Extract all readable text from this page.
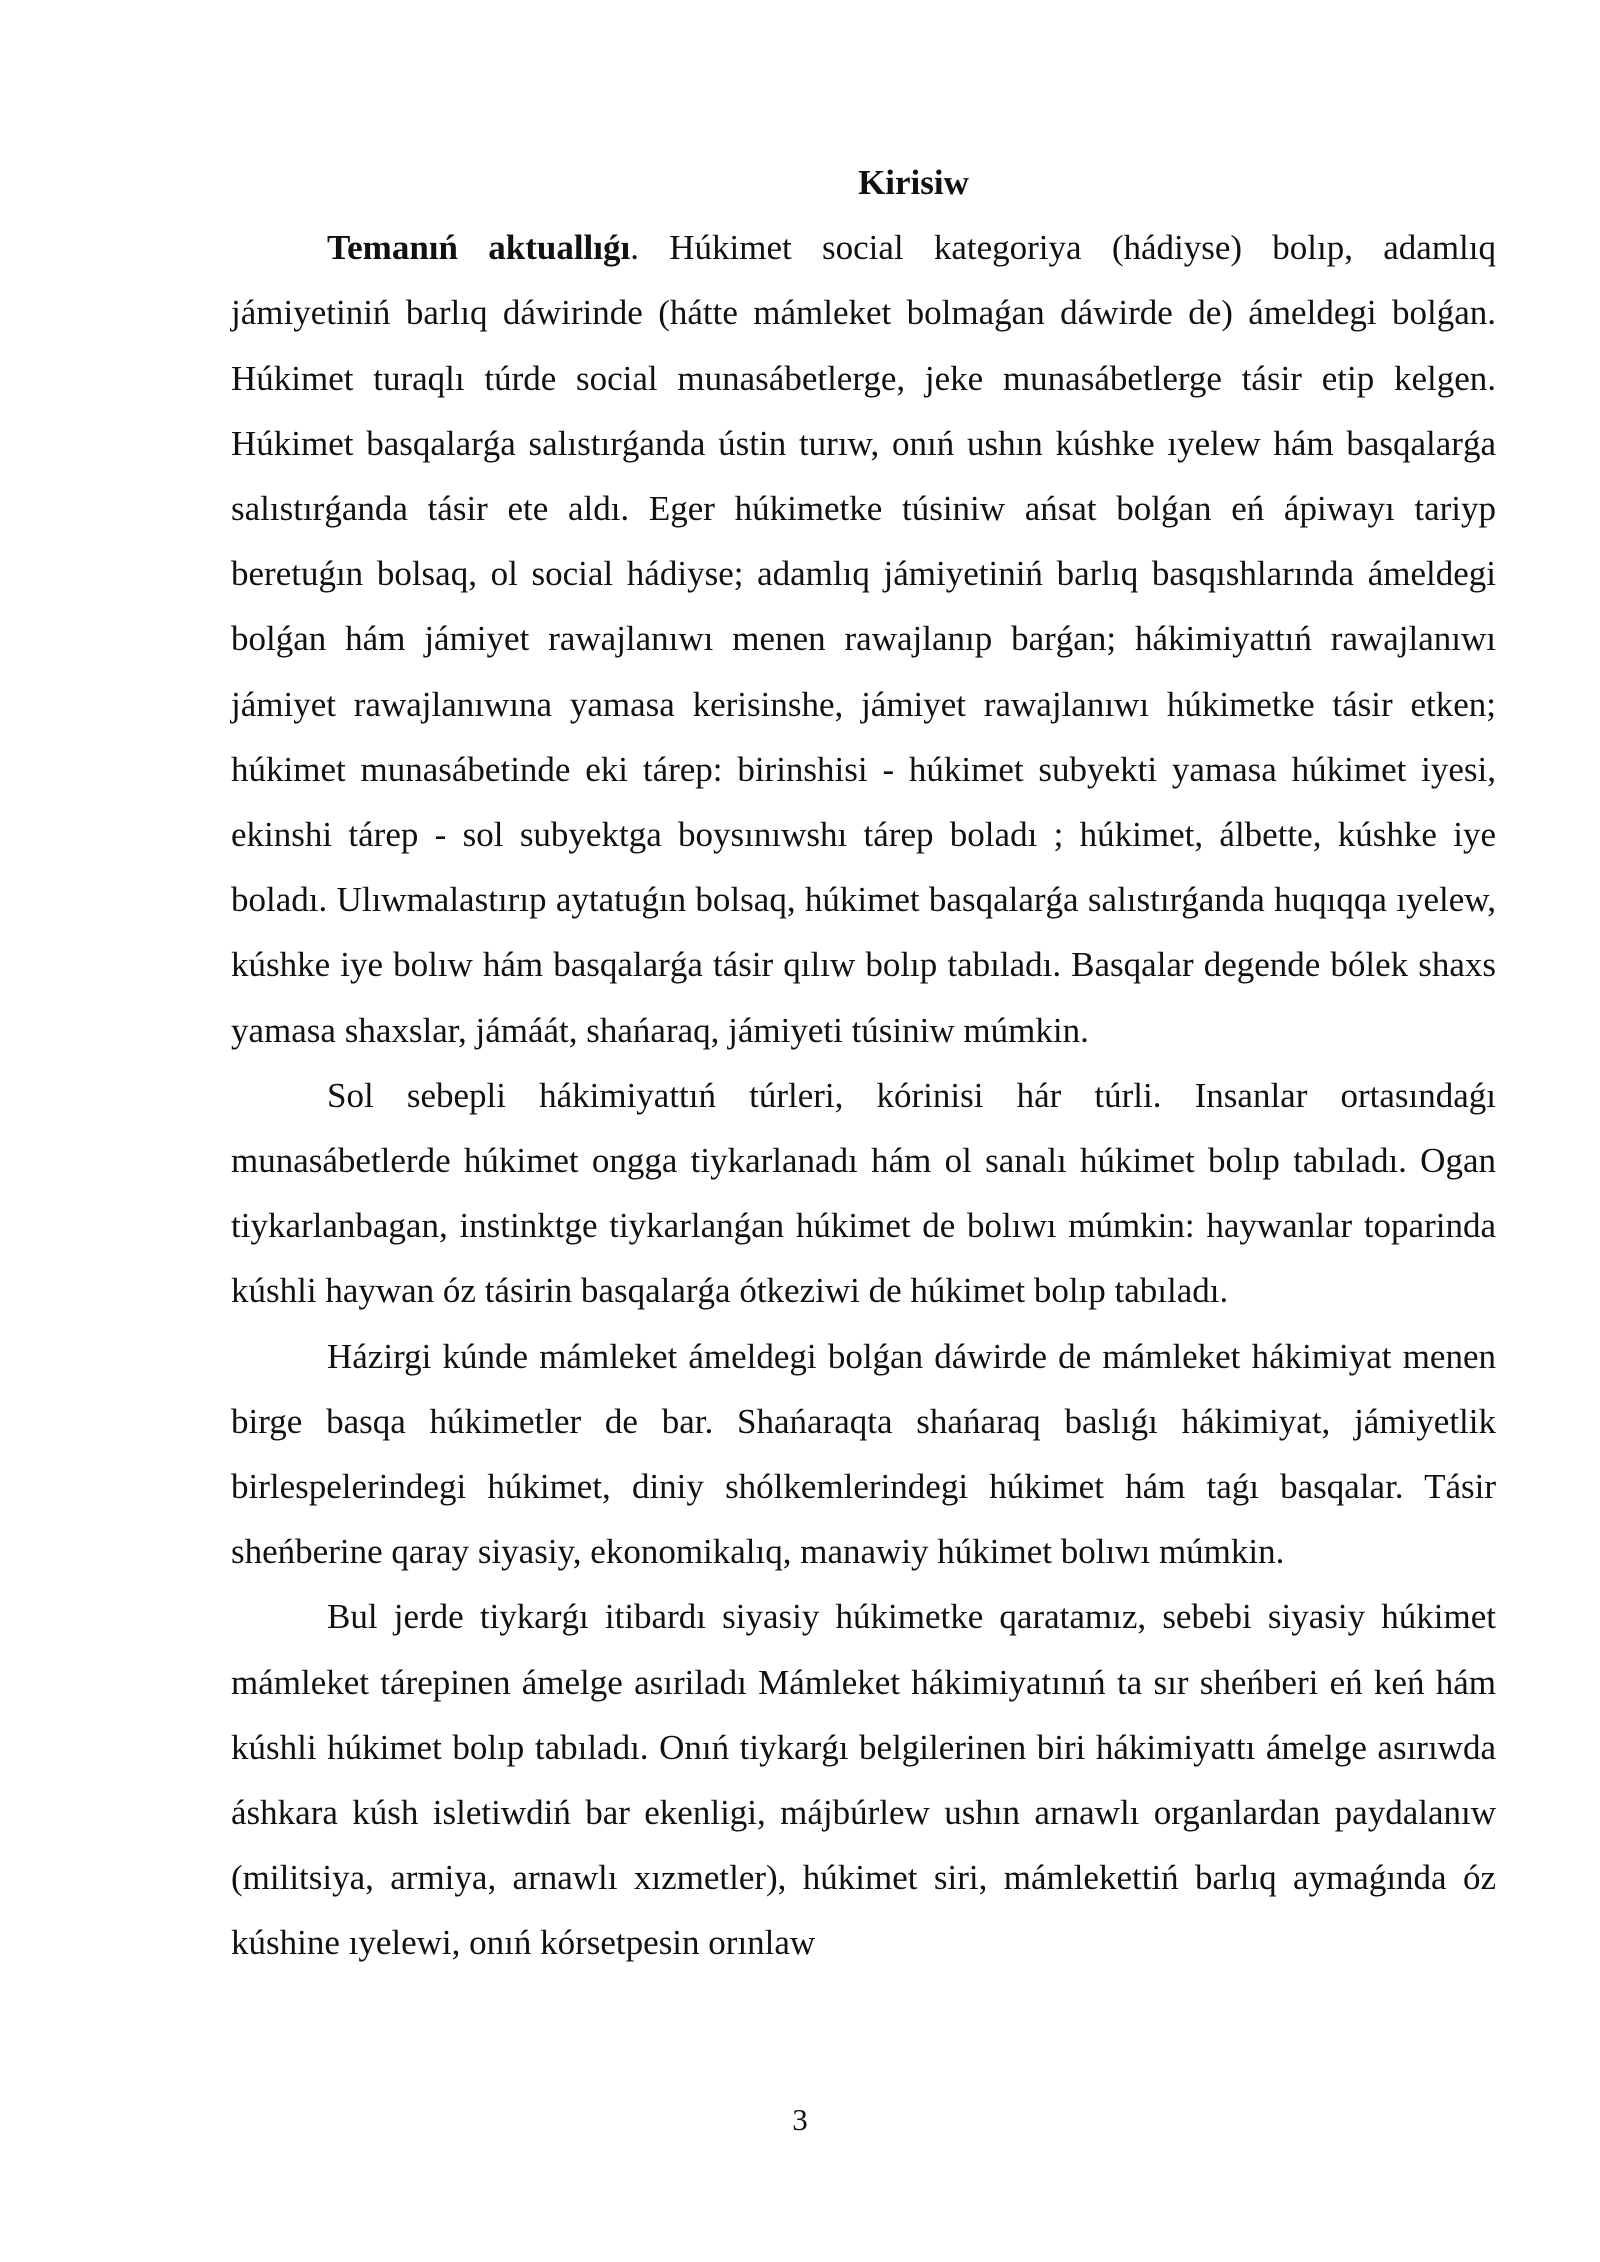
Kirisiw

Temanıń aktuallıǵı. Húkimet social kategoriya (hádiyse) bolıp, adamlıq jámiyetiniń barlıq dáwirinde (hátte mámleket bolmaǵan dáwirde de) ámeldegi bolǵan. Húkimet turaqlı túrde social munasábetlerge, jeke munasábetlerge tásir etip kelgen. Húkimet basqalarǵa salıstırǵanda ústin turıw, onıń ushın kúshke ıyelew hám basqalarǵa salıstırǵanda tásir ete aldı. Eger húkimetke túsiniw ańsat bolǵan eń ápiwayı tariyp beretuǵın bolsaq, ol social hádiyse; adamlıq jámiyetiniń barlıq basqıshlarında ámeldegi bolǵan hám jámiyet rawajlanıwı menen rawajlanıp barǵan; hákimiyattıń rawajlanıwı jámiyet rawajlanıwına yamasa kerisinshe, jámiyet rawajlanıwı húkimetke tásir etken; húkimet munasábetinde eki tárep: birinshisi - húkimet subyekti yamasa húkimet iyesi, ekinshi tárep - sol subyektga boysınıwshı tárep boladı ; húkimet, álbette, kúshke iye boladı. Ulıwmalastırıp aytatuǵın bolsaq, húkimet basqalarǵa salıstırǵanda huqıqqa ıyelew, kúshke iye bolıw hám basqalarǵa tásir qılıw bolıp tabıladı. Basqalar degende bólek shaxs yamasa shaxslar, jámáát, shańaraq, jámiyeti túsiniw múmkin.

Sol sebepli hákimiyattıń túrleri, kórinisi hár túrli. Insanlar ortasındaǵı munasábetlerde húkimet ongga tiykarlanadı hám ol sanalı húkimet bolıp tabıladı. Ogan tiykarlanbagan, instinktge tiykarlanǵan húkimet de bolıwı múmkin: haywanlar toparinda kúshli haywan óz tásirin basqalarǵa ótkeziwi de húkimet bolıp tabıladı.

Házirgi kúnde mámleket ámeldegi bolǵan dáwirde de mámleket hákimiyat menen birge basqa húkimetler de bar. Shańaraqta shańaraq baslıǵı hákimiyat, jámiyetlik birlespelerindegi húkimet, diniy shólkemlerindegi húkimet hám taǵı basqalar. Tásir sheńberine qaray siyasiy, ekonomikalıq, manawiy húkimet bolıwı múmkin.

Bul jerde tiykarǵı itibardı siyasiy húkimetke qaratamız, sebebi siyasiy húkimet mámleket tárepinen ámelge asıriladı Mámleket hákimiyatınıń ta sır sheńberi eń keń hám kúshli húkimet bolıp tabıladı. Onıń tiykarǵı belgilerinen biri hákimiyattı ámelge asırıwda áshkara kúsh isletiwdiń bar ekenligi, májbúrlew ushın arnawlı organlardan paydalanıw (militsiya, armiya, arnawlı xızmetler), húkimet siri, mámlekettiń barlıq aymaǵında óz kúshine ıyelewi, onıń kórsetpesin orınlaw

3
